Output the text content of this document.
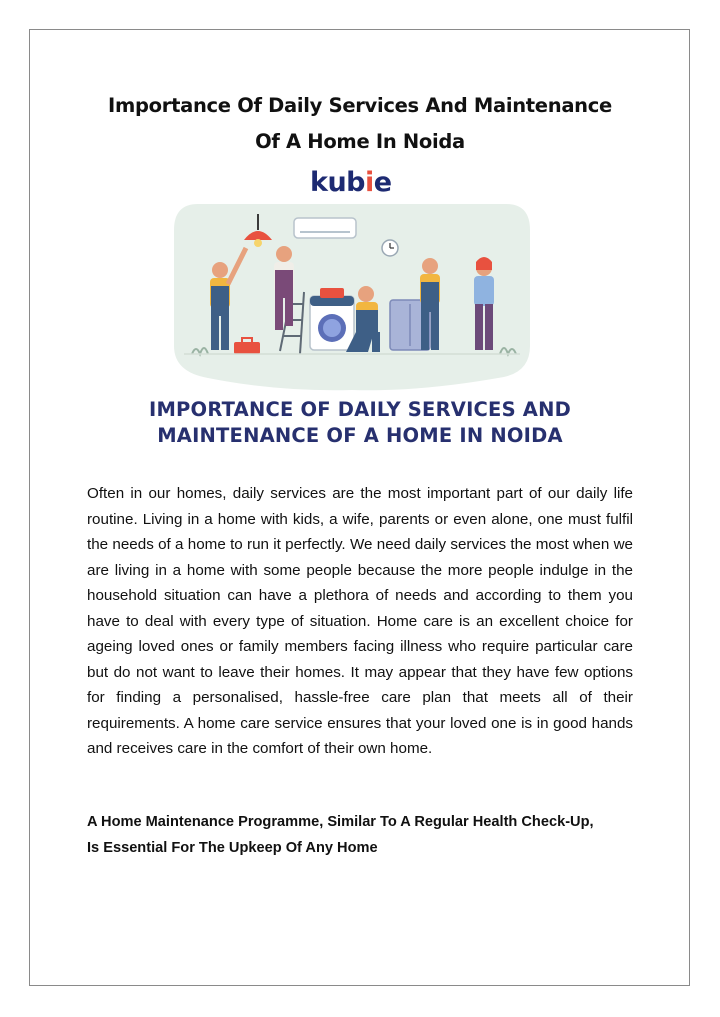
Importance Of Daily Services And Maintenance
Of A Home In Noida
kubie
IMPORTANCE OF DAILY SERVICES AND
MAINTENANCE OF A HOME IN NOIDA

Often in our homes, daily services are the most important part of our daily life routine. Living in a home with kids, a wife, parents or even alone, one must fulfil the needs of a home to run it perfectly. We need daily services the most when we are living in a home with some people because the more people indulge in the household situation can have a plethora of needs and according to them you have to deal with every type of situation. Home care is an excellent choice for ageing loved ones or family members facing illness who require particular care but do not want to leave their homes. It may appear that they have few options for finding a personalised, hassle-free care plan that meets all of their requirements. A home care service ensures that your loved one is in good hands and receives care in the comfort of their own home.

A Home Maintenance Programme, Similar To A Regular Health Check-Up,
Is Essential For The Upkeep Of Any Home
